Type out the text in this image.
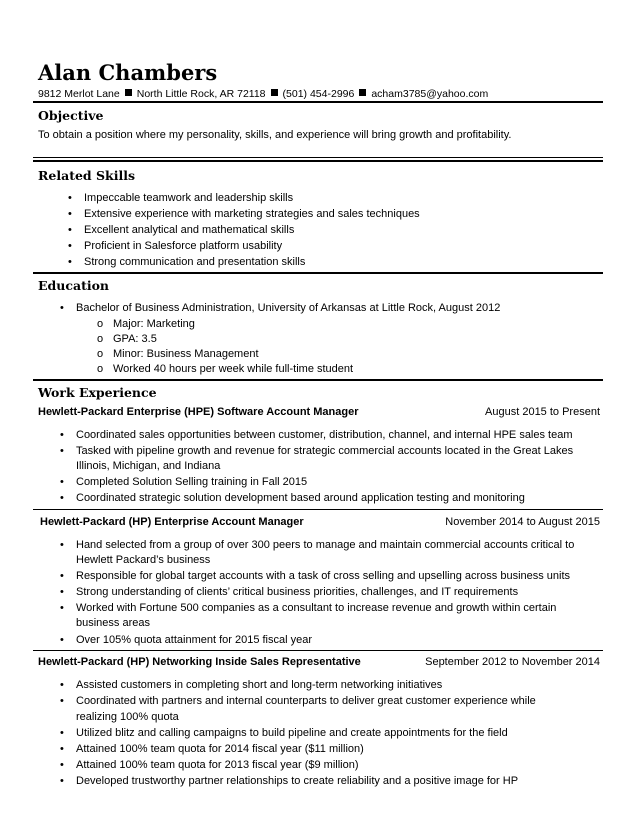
Alan Chambers
9812 Merlot Lane North Little Rock, AR 72118 (501) 454-2996 acham3785@yahoo.com
Objective
To obtain a position where my personality, skills, and experience will bring growth and profitability.
Related Skills
• Impeccable teamwork and leadership skills
• Extensive experience with marketing strategies and sales techniques
• Excellent analytical and mathematical skills
• Proficient in Salesforce platform usability
• Strong communication and presentation skills
Education
• Bachelor of Business Administration, University of Arkansas at Little Rock, August 2012
o Major: Marketing
o GPA: 3.5
o Minor: Business Management
o Worked 40 hours per week while full-time student
Work Experience
Hewlett-Packard Enterprise (HPE) Software Account Manager	August 2015 to Present
• Coordinated sales opportunities between customer, distribution, channel, and internal HPE sales team
• Tasked with pipeline growth and revenue for strategic commercial accounts located in the Great Lakes
Illinois, Michigan, and Indiana
• Completed Solution Selling training in Fall 2015
• Coordinated strategic solution development based around application testing and monitoring
Hewlett-Packard (HP) Enterprise Account Manager	November 2014 to August 2015
• Hand selected from a group of over 300 peers to manage and maintain commercial accounts critical to
Hewlett Packard’s business
• Responsible for global target accounts with a task of cross selling and upselling across business units
• Strong understanding of clients’ critical business priorities, challenges, and IT requirements
• Worked with Fortune 500 companies as a consultant to increase revenue and growth within certain
business areas
• Over 105% quota attainment for 2015 fiscal year
Hewlett-Packard (HP) Networking Inside Sales Representative	September 2012 to November 2014
• Assisted customers in completing short and long-term networking initiatives
• Coordinated with partners and internal counterparts to deliver great customer experience while
realizing 100% quota
• Utilized blitz and calling campaigns to build pipeline and create appointments for the field
• Attained 100% team quota for 2014 fiscal year ($11 million)
• Attained 100% team quota for 2013 fiscal year ($9 million)
• Developed trustworthy partner relationships to create reliability and a positive image for HP
